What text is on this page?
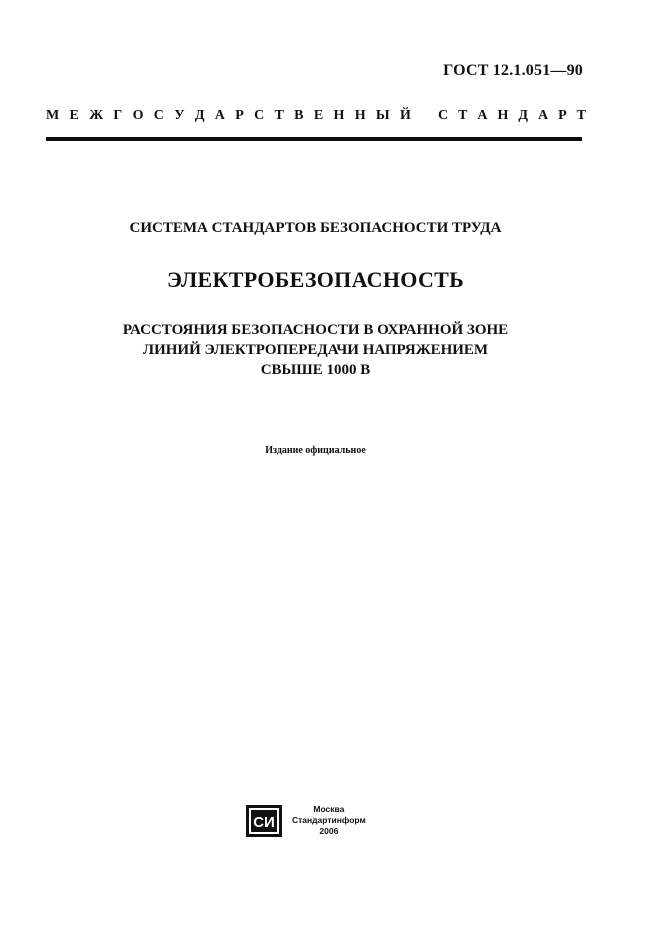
ГОСТ 12.1.051—90
М Е Ж Г О С У Д А Р С Т В Е Н Н Ы Й С Т А Н Д А Р Т
СИСТЕМА СТАНДАРТОВ БЕЗОПАСНОСТИ ТРУДА
ЭЛЕКТРОБЕЗОПАСНОСТЬ
РАССТОЯНИЯ БЕЗОПАСНОСТИ В ОХРАННОЙ ЗОНЕ
ЛИНИЙ ЭЛЕКТРОПЕРЕДАЧИ НАПРЯЖЕНИЕМ
СВЫШЕ 1000 В
Издание официальное
СИ
Москва
Стандартинформ
2006
